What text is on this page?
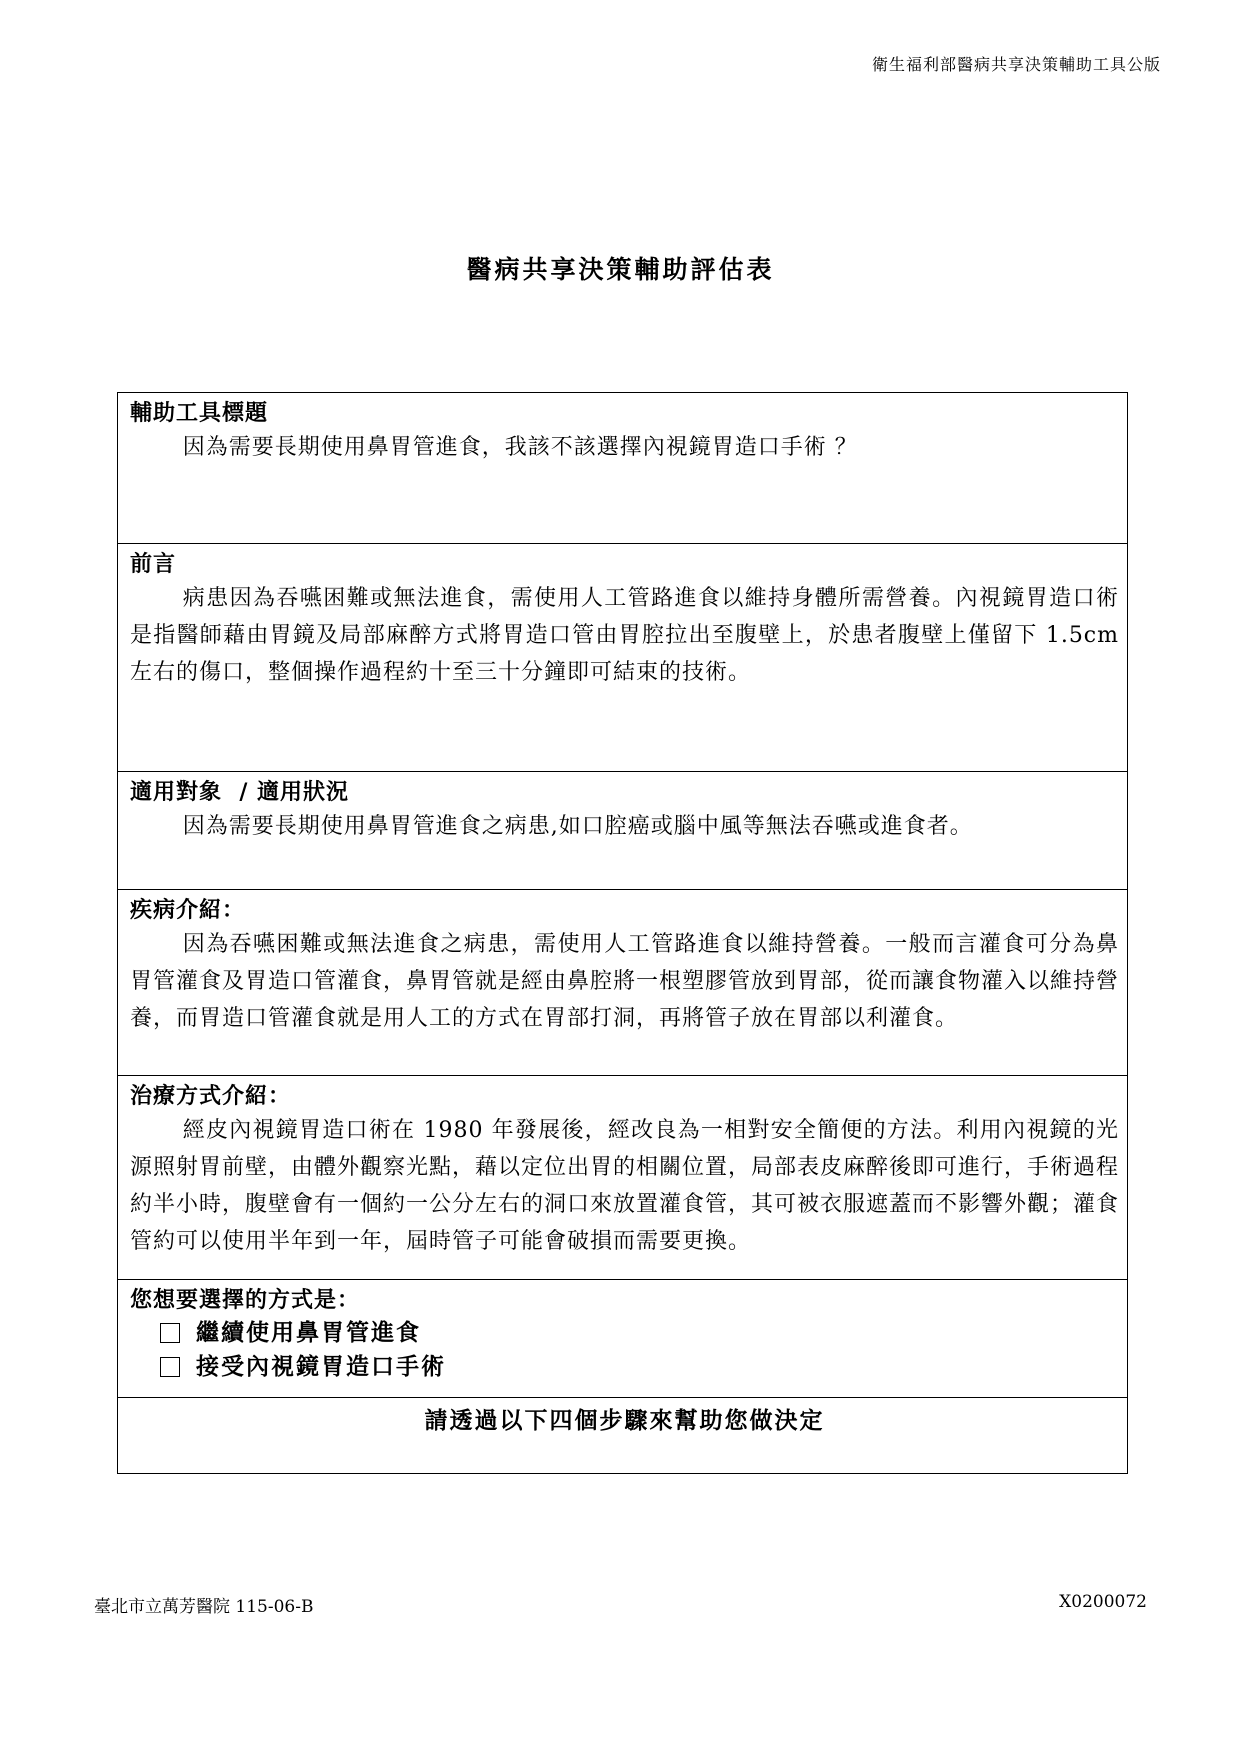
衛生福利部醫病共享決策輔助工具公版
醫病共享決策輔助評估表
輔助工具標題
因為需要長期使用鼻胃管進食，我該不該選擇內視鏡胃造口手術 ？
前言
病患因為吞嚥困難或無法進食，需使用人工管路進食以維持身體所需營養。內視鏡胃造口術是指醫師藉由胃鏡及局部麻醉方式將胃造口管由胃腔拉出至腹壁上，於患者腹壁上僅留下 1.5cm 左右的傷口，整個操作過程約十至三十分鐘即可結束的技術。
適用對象  / 適用狀況
因為需要長期使用鼻胃管進食之病患,如口腔癌或腦中風等無法吞嚥或進食者。
疾病介紹：
因為吞嚥困難或無法進食之病患，需使用人工管路進食以維持營養。一般而言灌食可分為鼻胃管灌食及胃造口管灌食，鼻胃管就是經由鼻腔將一根塑膠管放到胃部，從而讓食物灌入以維持營養，而胃造口管灌食就是用人工的方式在胃部打洞，再將管子放在胃部以利灌食。
治療方式介紹：
經皮內視鏡胃造口術在 1980 年發展後，經改良為一相對安全簡便的方法。利用內視鏡的光源照射胃前壁，由體外觀察光點，藉以定位出胃的相關位置，局部表皮麻醉後即可進行，手術過程約半小時，腹壁會有一個約一公分左右的洞口來放置灌食管，其可被衣服遮蓋而不影響外觀；灌食管約可以使用半年到一年，屆時管子可能會破損而需要更換。
您想要選擇的方式是：
繼續使用鼻胃管進食
接受內視鏡胃造口手術
請透過以下四個步驟來幫助您做決定
臺北市立萬芳醫院 115-06-B	X0200072
